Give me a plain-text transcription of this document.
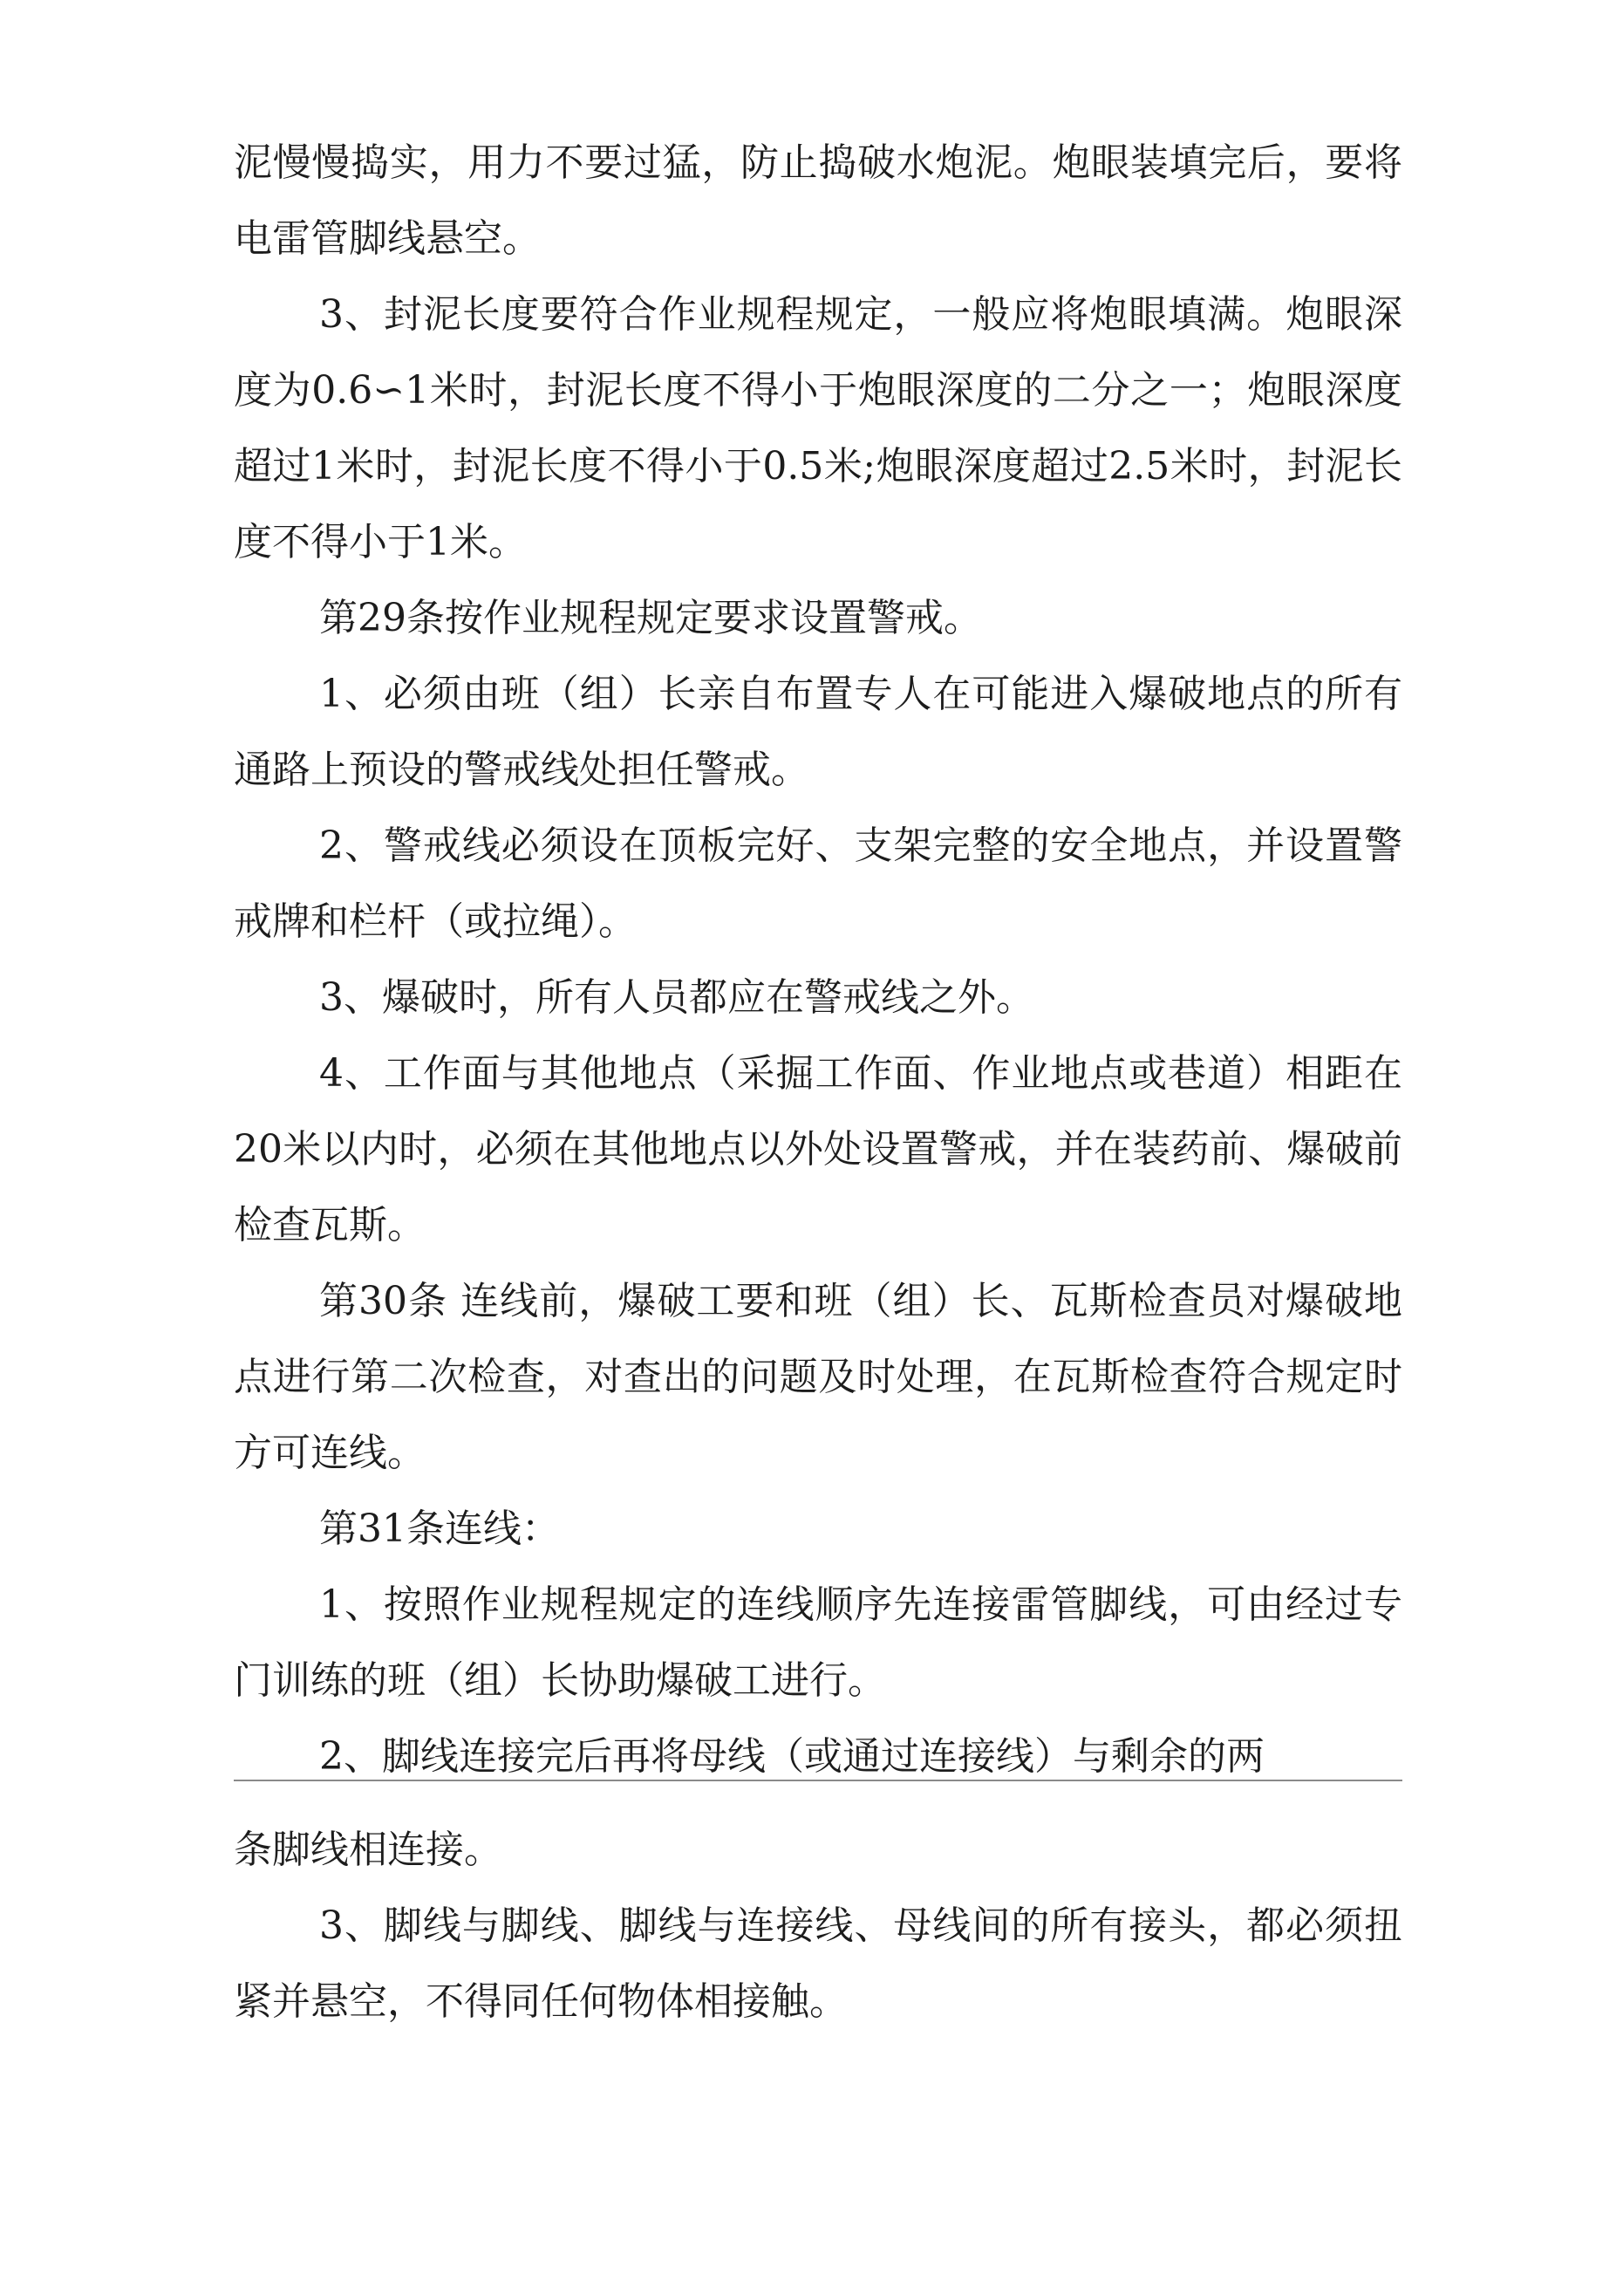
泥慢慢捣实，用力不要过猛，防止捣破水炮泥。炮眼装填完后，要将电雷管脚线悬空。

3、封泥长度要符合作业规程规定，一般应将炮眼填满。炮眼深度为0.6∽1米时，封泥长度不得小于炮眼深度的二分之一；炮眼深度超过1米时，封泥长度不得小于0.5米;炮眼深度超过2.5米时，封泥长度不得小于1米。

第29条按作业规程规定要求设置警戒。

1、必须由班（组）长亲自布置专人在可能进入爆破地点的所有通路上预设的警戒线处担任警戒。

2、警戒线必须设在顶板完好、支架完整的安全地点，并设置警戒牌和栏杆（或拉绳）。

3、爆破时，所有人员都应在警戒线之外。

4、工作面与其他地点（采掘工作面、作业地点或巷道）相距在20米以内时，必须在其他地点以外处设置警戒，并在装药前、爆破前检查瓦斯。

第30条 连线前，爆破工要和班（组）长、瓦斯检查员对爆破地点进行第二次检查，对查出的问题及时处理，在瓦斯检查符合规定时方可连线。

第31条连线：

1、按照作业规程规定的连线顺序先连接雷管脚线，可由经过专门训练的班（组）长协助爆破工进行。

2、脚线连接完后再将母线（或通过连接线）与剩余的两

条脚线相连接。

3、脚线与脚线、脚线与连接线、母线间的所有接头，都必须扭紧并悬空，不得同任何物体相接触。
